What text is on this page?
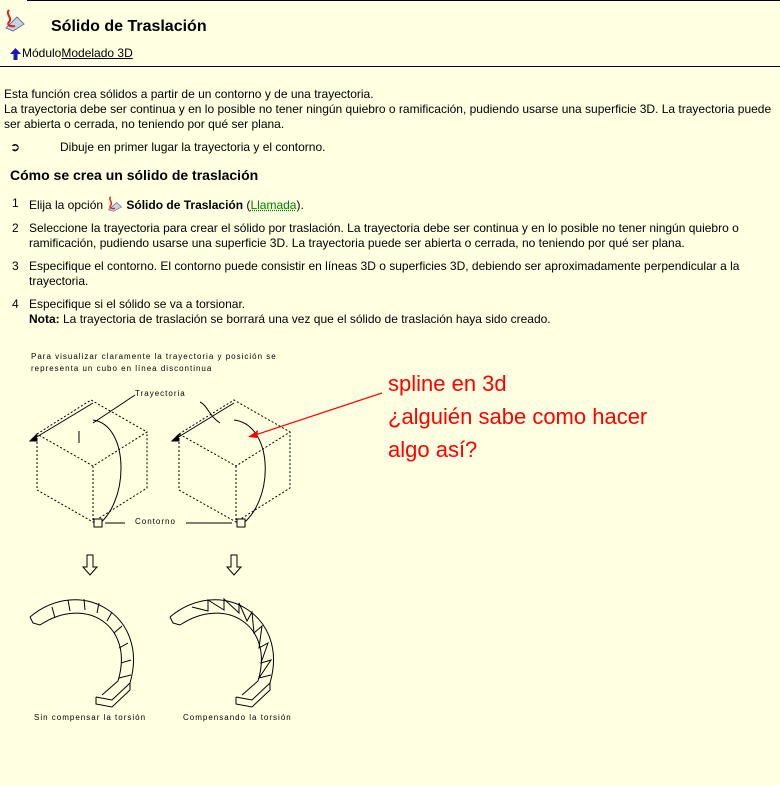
Sólido de Traslación
MóduloModelado 3D
Esta función crea sólidos a partir de un contorno y de una trayectoria.
La trayectoria debe ser continua y en lo posible no tener ningún quiebro o ramificación, pudiendo usarse una superficie 3D. La trayectoria puede ser abierta o cerrada, no teniendo por qué ser plana.
➲	Dibuje en primer lugar la trayectoria y el contorno.
Cómo se crea un sólido de traslación
1 Elija la opción Sólido de Traslación (Llamada).
2 Seleccione la trayectoria para crear el sólido por traslación. La trayectoria debe ser continua y en lo posible no tener ningún quiebro o ramificación, pudiendo usarse una superficie 3D. La trayectoria puede ser abierta o cerrada, no teniendo por qué ser plana.
3 Especifique el contorno. El contorno puede consistir en líneas 3D o superficies 3D, debiendo ser aproximadamente perpendicular a la trayectoria.
4 Especifique si el sólido se va a torsionar.
Nota: La trayectoria de traslación se borrará una vez que el sólido de traslación haya sido creado.
Para visualizar claramente la trayectoria y posición se
representa un cubo en línea discontinua
Trayectoria
Contorno
Sin compensar la torsión	Compensando la torsión
spline en 3d
¿alguién sabe como hacer
algo así?
